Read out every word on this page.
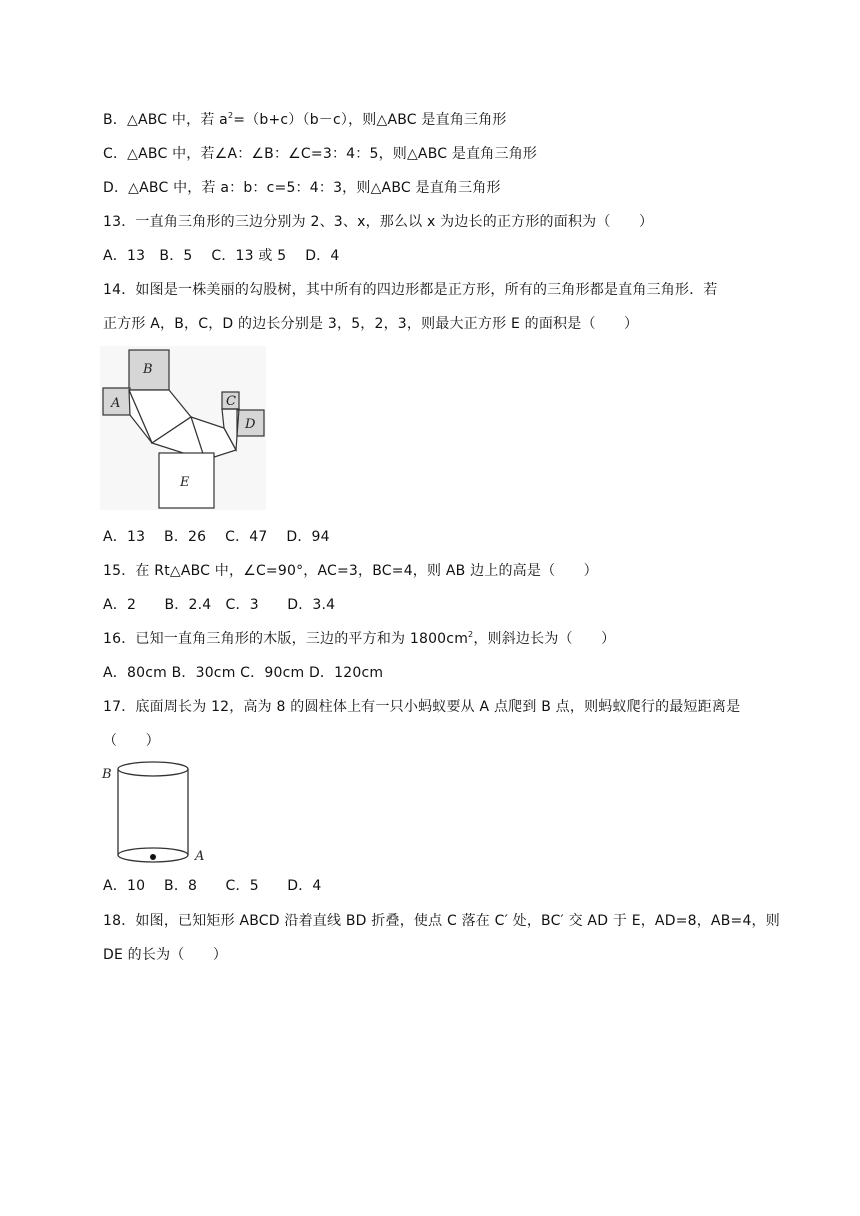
B．△ABC 中，若 $a^2=(b+c)(b-c)$，则△ABC 是直角三角形
C．△ABC 中，若∠A：∠B：∠C=3：4：5，则△ABC 是直角三角形
D．△ABC 中，若 a：b：c=5：4：3，则△ABC 是直角三角形
13．一直角三角形的三边分别为 2、3、x，那么以 x 为边长的正方形的面积为（　　）
A．13　B．5　 C．13 或 5　 D．4
14．如图是一株美丽的勾股树，其中所有的四边形都是正方形，所有的三角形都是直角三角形．若
正方形 A，B，C，D 的边长分别是 3，5，2，3，则最大正方形 E 的面积是（　　）
B
A	C
D
E
A．13　 B．26　 C．47　 D．94
15．在 Rt△ABC 中，∠C=90°，AC=3，BC=4，则 AB 边上的高是（　　）
A．2　　B．2.4　C．3　　D．3.4
16．已知一直角三角形的木版，三边的平方和为 $1800cm^2$，则斜边长为（　　）
A．80cm B．30cm C．90cm D．120cm
17．底面周长为 12，高为 8 的圆柱体上有一只小蚂蚁要从 A 点爬到 B 点，则蚂蚁爬行的最短距离是
（　　）
B
A
A．10　 B．8　　C．5　　D．4
18．如图，已知矩形 ABCD 沿着直线 BD 折叠，使点 C 落在 C′ 处，BC′ 交 AD 于 E，AD=8，AB=4，则
DE 的长为（　　）
